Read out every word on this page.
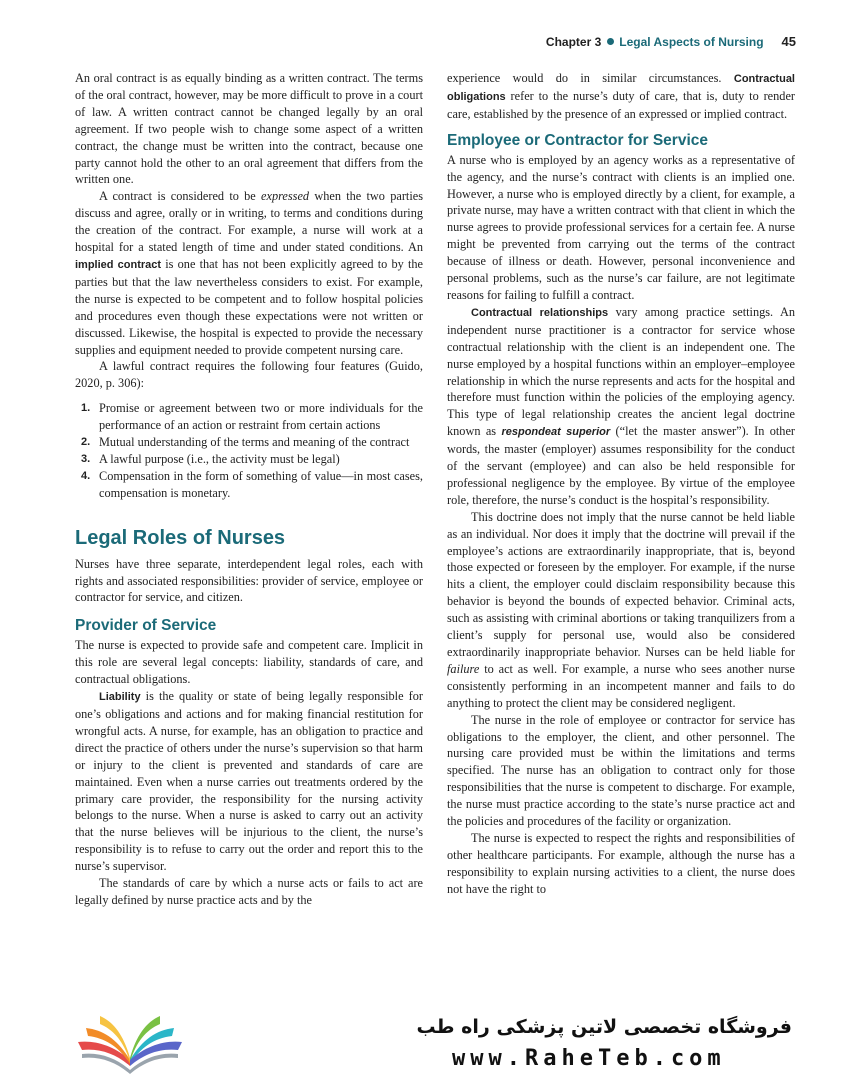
Chapter 3 Legal Aspects of Nursing 45

An oral contract is as equally binding as a written contract. The terms of the oral contract, however, may be more difficult to prove in a court of law. A written contract cannot be changed legally by an oral agreement. If two people wish to change some aspect of a written contract, the change must be written into the contract, because one party cannot hold the other to an oral agreement that differs from the written one.

A contract is considered to be expressed when the two parties discuss and agree, orally or in writing, to terms and conditions during the creation of the contract. For example, a nurse will work at a hospital for a stated length of time and under stated conditions. An implied contract is one that has not been explicitly agreed to by the parties but that the law nevertheless considers to exist. For example, the nurse is expected to be competent and to follow hospital policies and procedures even though these expectations were not written or discussed. Likewise, the hospital is expected to provide the necessary supplies and equipment needed to provide competent nursing care.

A lawful contract requires the following four features (Guido, 2020, p. 306):

1. Promise or agreement between two or more individuals for the performance of an action or restraint from certain actions
2. Mutual understanding of the terms and meaning of the contract
3. A lawful purpose (i.e., the activity must be legal)
4. Compensation in the form of something of value—in most cases, compensation is monetary.
Legal Roles of Nurses

Nurses have three separate, interdependent legal roles, each with rights and associated responsibilities: provider of service, employee or contractor for service, and citizen.

Provider of Service

The nurse is expected to provide safe and competent care. Implicit in this role are several legal concepts: liability, standards of care, and contractual obligations.

Liability is the quality or state of being legally responsible for one’s obligations and actions and for making financial restitution for wrongful acts. A nurse, for example, has an obligation to practice and direct the practice of others under the nurse’s supervision so that harm or injury to the client is prevented and standards of care are maintained. Even when a nurse carries out treatments ordered by the primary care provider, the responsibility for the nursing activity belongs to the nurse. When a nurse is asked to carry out an activity that the nurse believes will be injurious to the client, the nurse’s responsibility is to refuse to carry out the order and report this to the nurse’s supervisor.

The standards of care by which a nurse acts or fails to act are legally defined by nurse practice acts and by the

experience would do in similar circumstances. Contractual obligations refer to the nurse’s duty of care, that is, duty to render care, established by the presence of an expressed or implied contract.

Employee or Contractor for Service

A nurse who is employed by an agency works as a representative of the agency, and the nurse’s contract with clients is an implied one. However, a nurse who is employed directly by a client, for example, a private nurse, may have a written contract with that client in which the nurse agrees to provide professional services for a certain fee. A nurse might be prevented from carrying out the terms of the contract because of illness or death. However, personal inconvenience and personal problems, such as the nurse’s car failure, are not legitimate reasons for failing to fulfill a contract.

Contractual relationships vary among practice settings. An independent nurse practitioner is a contractor for service whose contractual relationship with the client is an independent one. The nurse employed by a hospital functions within an employer–employee relationship in which the nurse represents and acts for the hospital and therefore must function within the policies of the employing agency. This type of legal relationship creates the ancient legal doctrine known as respondeat superior (“let the master answer”). In other words, the master (employer) assumes responsibility for the conduct of the servant (employee) and can also be held responsible for professional negligence by the employee. By virtue of the employee role, therefore, the nurse’s conduct is the hospital’s responsibility.

This doctrine does not imply that the nurse cannot be held liable as an individual. Nor does it imply that the doctrine will prevail if the employee’s actions are extraordinarily inappropriate, that is, beyond those expected or foreseen by the employer. For example, if the nurse hits a client, the employer could disclaim responsibility because this behavior is beyond the bounds of expected behavior. Criminal acts, such as assisting with criminal abortions or taking tranquilizers from a client’s supply for personal use, would also be considered extraordinarily inappropriate behavior. Nurses can be held liable for failure to act as well. For example, a nurse who sees another nurse consistently performing in an incompetent manner and fails to do anything to protect the client may be considered negligent.

The nurse in the role of employee or contractor for service has obligations to the employer, the client, and other personnel. The nursing care provided must be within the limitations and terms specified. The nurse has an obligation to contract only for those responsibilities that the nurse is competent to discharge. For example, the nurse must practice according to the state’s nurse practice act and the policies and procedures of the facility or organization.

The nurse is expected to respect the rights and responsibilities of other healthcare participants. For example, although the nurse has a responsibility to explain nursing activities to a client, the nurse does not have the right to

فروشگاه تخصصی لاتین پزشکی راه طب
www.RaheTeb.com
